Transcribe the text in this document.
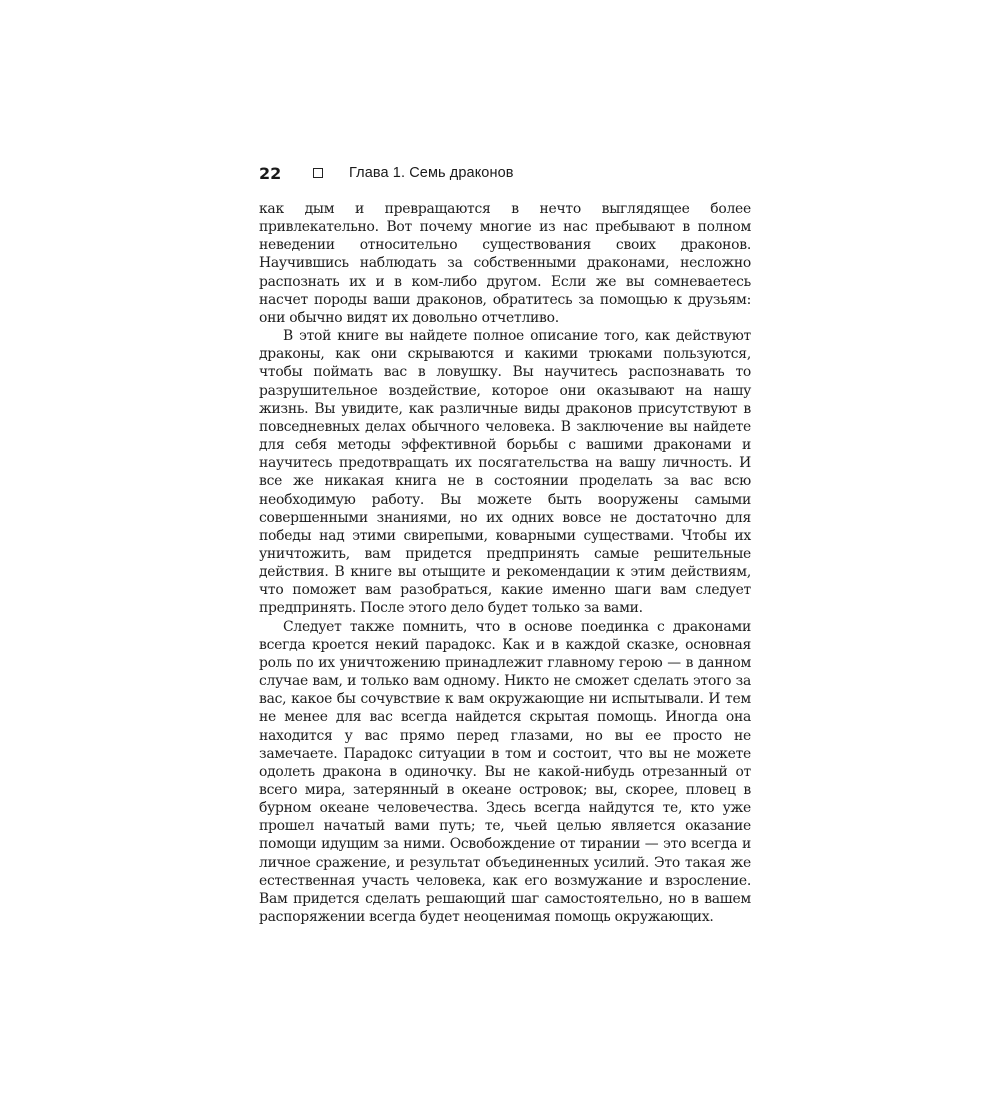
22	Глава 1. Семь драконов

как дым и превращаются в нечто выглядящее более привлекательно. Вот почему многие из нас пребывают в полном неведении относительно существования своих драконов. Научившись наблюдать за собственными драконами, несложно распознать их и в ком-либо другом. Если же вы сомневаетесь насчет породы ваши драконов, обратитесь за помощью к друзьям: они обычно видят их довольно отчетливо.

В этой книге вы найдете полное описание того, как действуют драконы, как они скрываются и какими трюками пользуются, чтобы поймать вас в ловушку. Вы научитесь распознавать то разрушительное воздействие, которое они оказывают на нашу жизнь. Вы увидите, как различные виды драконов присутствуют в повседневных делах обычного человека. В заключение вы найдете для себя методы эффективной борьбы с вашими драконами и научитесь предотвращать их посягательства на вашу личность. И все же никакая книга не в состоянии проделать за вас всю необходимую работу. Вы можете быть вооружены самыми совершенными знаниями, но их одних вовсе не достаточно для победы над этими свирепыми, коварными существами. Чтобы их уничтожить, вам придется предпринять самые решительные действия. В книге вы отыщите и рекомендации к этим действиям, что поможет вам разобраться, какие именно шаги вам следует предпринять. После этого дело будет только за вами.

Следует также помнить, что в основе поединка с драконами всегда кроется некий парадокс. Как и в каждой сказке, основная роль по их уничтожению принадлежит главному герою — в данном случае вам, и только вам одному. Никто не сможет сделать этого за вас, какое бы сочувствие к вам окружающие ни испытывали. И тем не менее для вас всегда найдется скрытая помощь. Иногда она находится у вас прямо перед глазами, но вы ее просто не замечаете. Парадокс ситуации в том и состоит, что вы не можете одолеть дракона в одиночку. Вы не какой-нибудь отрезанный от всего мира, затерянный в океане островок; вы, скорее, пловец в бурном океане человечества. Здесь всегда найдутся те, кто уже прошел начатый вами путь; те, чьей целью является оказание помощи идущим за ними. Освобождение от тирании — это всегда и личное сражение, и результат объединенных усилий. Это такая же естественная участь человека, как его возмужание и взросление. Вам придется сделать решающий шаг самостоятельно, но в вашем распоряжении всегда будет неоценимая помощь окружающих.
